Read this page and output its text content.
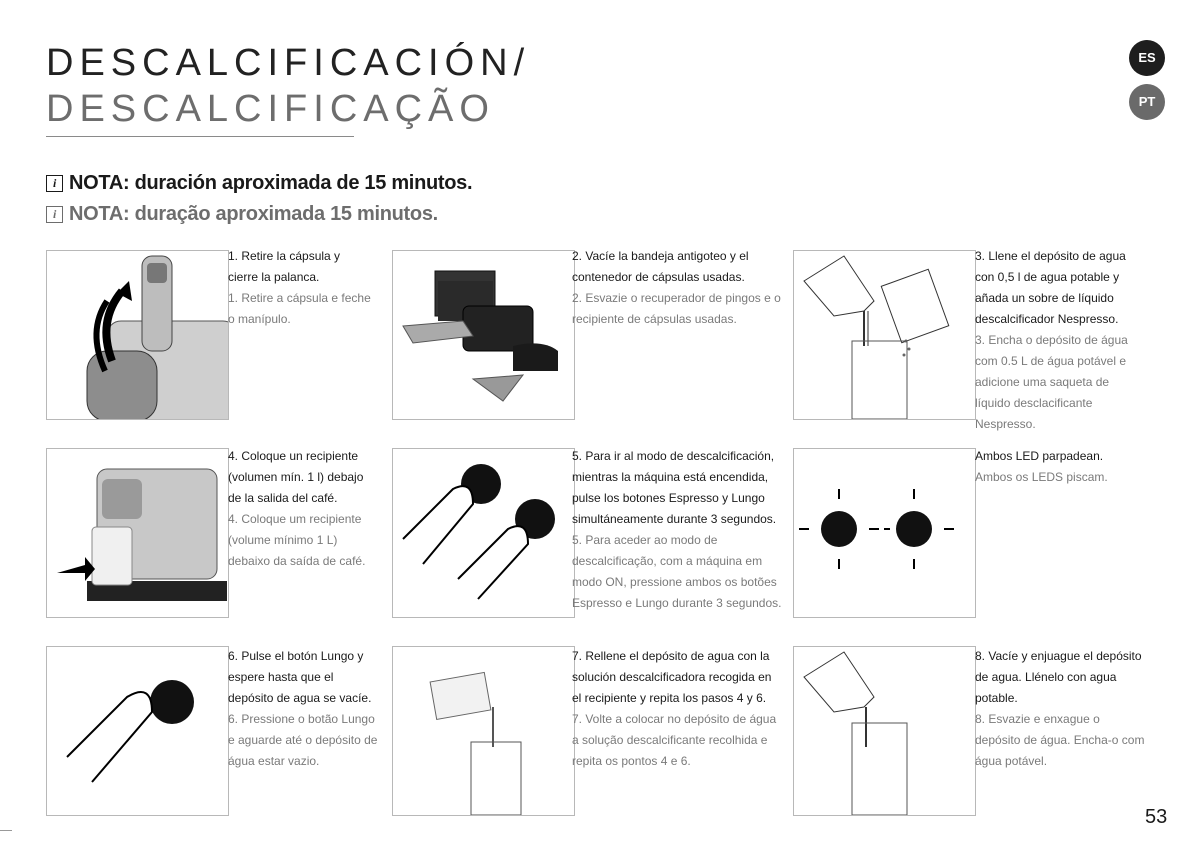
DESCALCIFICACIÓN/
DESCALCIFICAÇÃO
ES
PT
i NOTA: duración aproximada de 15 minutos.
i NOTA: duração aproximada 15 minutos.
1. Retire la cápsula y cierre la palanca.
1. Retire a cápsula e feche o manípulo.
2. Vacíe la bandeja antigoteo y el contenedor de cápsulas usadas.
2. Esvazie o recuperador de pingos e o recipiente de cápsulas usadas.
3. Llene el depósito de agua con 0,5 l de agua potable y añada un sobre de líquido descalcificador Nespresso.
3. Encha o depósito de água com 0.5 L de água potável e adicione uma saqueta de líquido desclacificante Nespresso.
4. Coloque un recipiente (volumen mín. 1 l) debajo de la salida del café.
4. Coloque um recipiente (volume mínimo 1 L) debaixo da saída de café.
5. Para ir al modo de descalcificación, mientras la máquina está encendida, pulse los botones Espresso y Lungo simultáneamente durante 3 segundos.
5. Para aceder ao modo de descalcificação, com a máquina em modo ON, pressione ambos os botões Espresso e Lungo durante 3 segundos.
Ambos LED parpadean.
Ambos os LEDS piscam.
6. Pulse el botón Lungo y espere hasta que el depósito de agua se vacíe.
6. Pressione o botão Lungo e aguarde até o depósito de água estar vazio.
7. Rellene el depósito de agua con la solución descalcificadora recogida en el recipiente y repita los pasos 4 y 6.
7. Volte a colocar no depósito de água a solução descalcificante recolhida e repita os pontos 4 e 6.
8. Vacíe y enjuague el depósito de agua. Llénelo con agua potable.
8. Esvazie e enxague o depósito de água. Encha-o com água potável.
53
